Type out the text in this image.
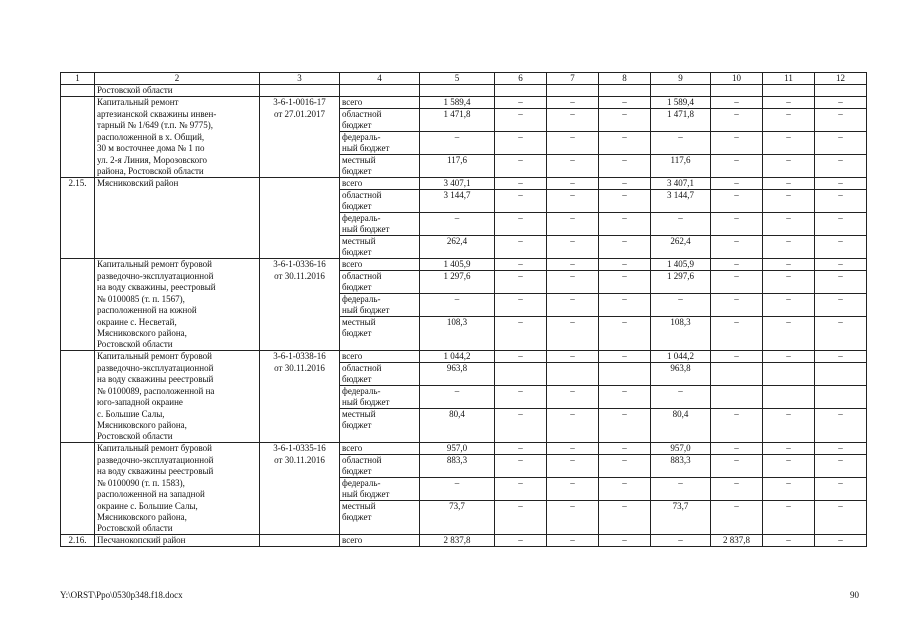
1	2	3	4	5	6	7	8	9	10	11	12
	Ростовской области										
	Капитальный ремонт	3-6-1-0016-17	всего	1 589,4	–	–	–	1 589,4	–	–	–
	артезианской скважины инвен-	от 27.01.2017	областной	1 471,8	–	–	–	1 471,8	–	–	–
	тарный № 1/649 (т.п. № 9775),		бюджет								
	расположенной в х. Общий,		федераль-	–	–	–	–	–	–	–	–
	30 м восточнее дома № 1 по		ный бюджет								
	ул. 2-я Линия, Морозовского		местный	117,6	–	–	–	117,6	–	–	–
	района, Ростовской области		бюджет								
2.15.	Мясниковский район		всего	3 407,1	–	–	–	3 407,1	–	–	–
			областной	3 144,7	–	–	–	3 144,7	–	–	–
			бюджет								
			федераль-	–	–	–	–	–	–	–	–
			ный бюджет								
			местный	262,4	–	–	–	262,4	–	–	–
			бюджет								
	Капитальный ремонт буровой	3-6-1-0336-16	всего	1 405,9	–	–	–	1 405,9	–	–	–
	разведочно-эксплуатационной	от 30.11.2016	областной	1 297,6	–	–	–	1 297,6	–	–	–
	на воду скважины, реестровый		бюджет								
	№ 0100085 (т. п. 1567),		федераль-	–	–	–	–	–	–	–	–
	расположенной на южной		ный бюджет								
	окраине с. Несветай,		местный	108,3	–	–	–	108,3	–	–	–
	Мясниковского района,		бюджет								
	Ростовской области										
	Капитальный ремонт буровой	3-6-1-0338-16	всего	1 044,2	–	–	–	1 044,2	–	–	–
	разведочно-эксплуатационной	от 30.11.2016	областной	963,8				963,8			
	на воду скважины реестровый		бюджет								
	№ 0100089, расположенной на		федераль-	–	–	–	–	–			
	юго-западной окраине		ный бюджет								
	с. Большие Салы,		местный	80,4	–	–	–	80,4	–	–	–
	Мясниковского района,		бюджет								
	Ростовской области										
	Капитальный ремонт буровой	3-6-1-0335-16	всего	957,0	–	–	–	957,0	–	–	–
	разведочно-эксплуатационной	от 30.11.2016	областной	883,3	–	–	–	883,3	–	–	–
	на воду скважины реестровый		бюджет								
	№ 0100090 (т. п. 1583),		федераль-	–	–	–	–	–	–	–	–
	расположенной на западной		ный бюджет								
	окраине с. Большие Салы,		местный	73,7	–	–	–	73,7	–	–	–
	Мясниковского района,		бюджет								
	Ростовской области										
2.16.	Песчанокопский район		всего	2 837,8	–	–	–	–	2 837,8	–	–
Y:\ORST\Ppo\0530p348.f18.docx	90
